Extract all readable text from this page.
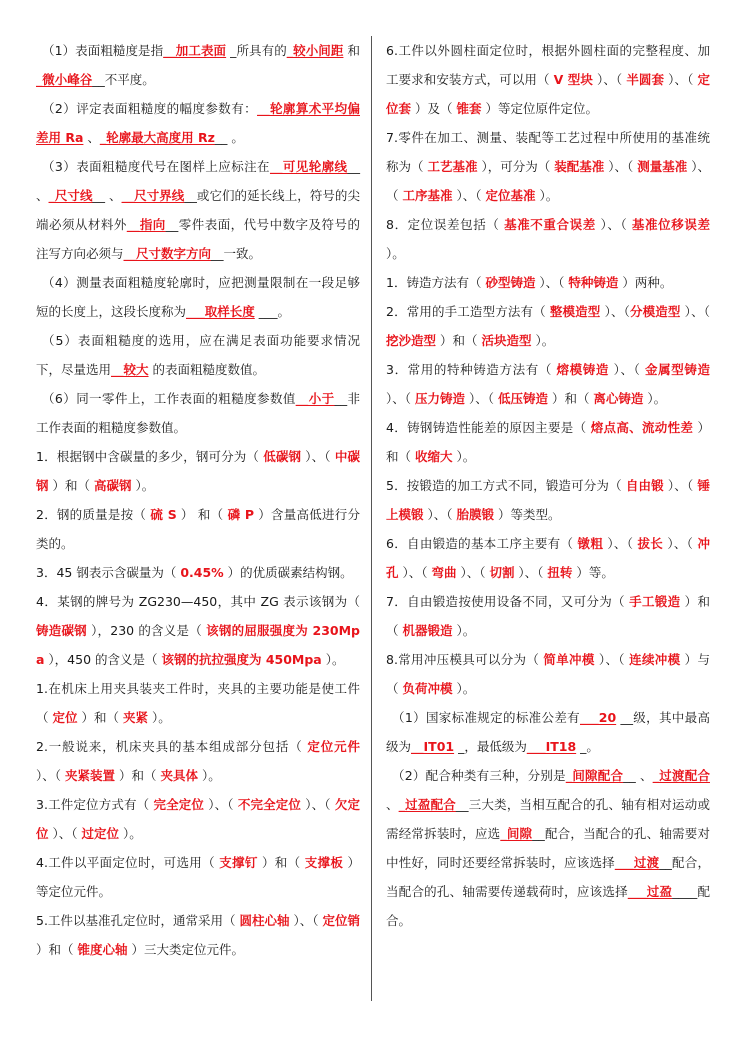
（1）表面粗糙度是指__加工表面 _所具有的_较小间距 和_微小峰谷__不平度。

（2）评定表面粗糙度的幅度参数有：__轮廓算术平均偏差用 Ra 、_轮廓最大高度用 Rz__ 。

（3）表面粗糙度代号在图样上应标注在__可见轮廓线__ 、_尺寸线__ 、__尺寸界线__或它们的延长线上，符号的尖端必须从材料外__指向__零件表面，代号中数字及符号的注写方向必须与__尺寸数字方向__一致。

（4）测量表面粗糙度轮廓时，应把测量限制在一段足够短的长度上，这段长度称为___取样长度 ___。

（5）表面粗糙度的选用，应在满足表面功能要求情况下，尽量选用__较大 的表面粗糙度数值。

（6）同一零件上，工作表面的粗糙度参数值__小于__非工作表面的粗糙度参数值。

1．根据钢中含碳量的多少，钢可分为（ 低碳钢 ）、（ 中碳钢 ）和（ 高碳钢 ）。

2．钢的质量是按（ 硫 S ） 和（ 磷 P ）含量高低进行分类的。

3．45 钢表示含碳量为（ 0.45% ）的优质碳素结构钢。

4．某钢的牌号为 ZG230—450，其中 ZG 表示该钢为（ 铸造碳钢 ），230 的含义是（ 该钢的屈服强度为 230Mpa ），450 的含义是（ 该钢的抗拉强度为 450Mpa ）。

1.在机床上用夹具装夹工件时，夹具的主要功能是使工件（ 定位 ）和（ 夹紧 ）。

2.一般说来，机床夹具的基本组成部分包括（ 定位元件 ）、（ 夹紧装置 ）和（ 夹具体 ）。

3.工件定位方式有（ 完全定位 ）、（ 不完全定位 ）、（ 欠定位 ）、（ 过定位 ）。

4.工件以平面定位时，可选用（ 支撑钉 ）和（ 支撑板 ）等定位元件。

5.工件以基准孔定位时，通常采用（ 圆柱心轴 ）、（ 定位销 ）和（ 锥度心轴 ）三大类定位元件。

6.工件以外圆柱面定位时，根据外圆柱面的完整程度、加工要求和安装方式，可以用（ V 型块 ）、（ 半圆套 ）、（ 定位套 ）及（ 锥套 ）等定位原件定位。

7.零件在加工、测量、装配等工艺过程中所使用的基准统称为（ 工艺基准 ），可分为（ 装配基准 ）、（ 测量基准 ）、（ 工序基准 ）、（ 定位基准 ）。

8．定位误差包括（ 基准不重合误差 ）、（ 基准位移误差 ）。

1．铸造方法有（ 砂型铸造 ）、（ 特种铸造 ）两种。

2．常用的手工造型方法有（ 整模造型 ）、（分模造型 ）、（ 挖沙造型 ）和（ 活块造型 ）。

3．常用的特种铸造方法有（ 熔模铸造 ）、（ 金属型铸造 ）、（ 压力铸造 ）、（ 低压铸造 ）和（ 离心铸造 ）。

4．铸钢铸造性能差的原因主要是（ 熔点高、流动性差 ）和（ 收缩大 ）。

5．按锻造的加工方式不同，锻造可分为（ 自由锻 ）、（ 锤上模锻 ）、（ 胎膜锻 ）等类型。

6．自由锻造的基本工序主要有（ 镦粗 ）、（ 拔长 ）、（ 冲孔 ）、（ 弯曲 ）、（ 切割 ）、（ 扭转 ）等。

7．自由锻造按使用设备不同，又可分为（ 手工锻造 ）和（ 机器锻造 ）。

8.常用冲压模具可以分为（ 简单冲模 ）、（ 连续冲模 ）与（ 负荷冲模 ）。

（1）国家标准规定的标准公差有___20 __级，其中最高级为__IT01 _，最低级为___IT18 _。

（2）配合种类有三种，分别是_间隙配合__ 、_过渡配合 、_过盈配合__三大类，当相互配合的孔、轴有相对运动或需经常拆装时，应选_间隙__配合，当配合的孔、轴需要对中性好，同时还要经常拆装时，应该选择___过渡__配合，当配合的孔、轴需要传递载荷时，应该选择___过盈____配合。
